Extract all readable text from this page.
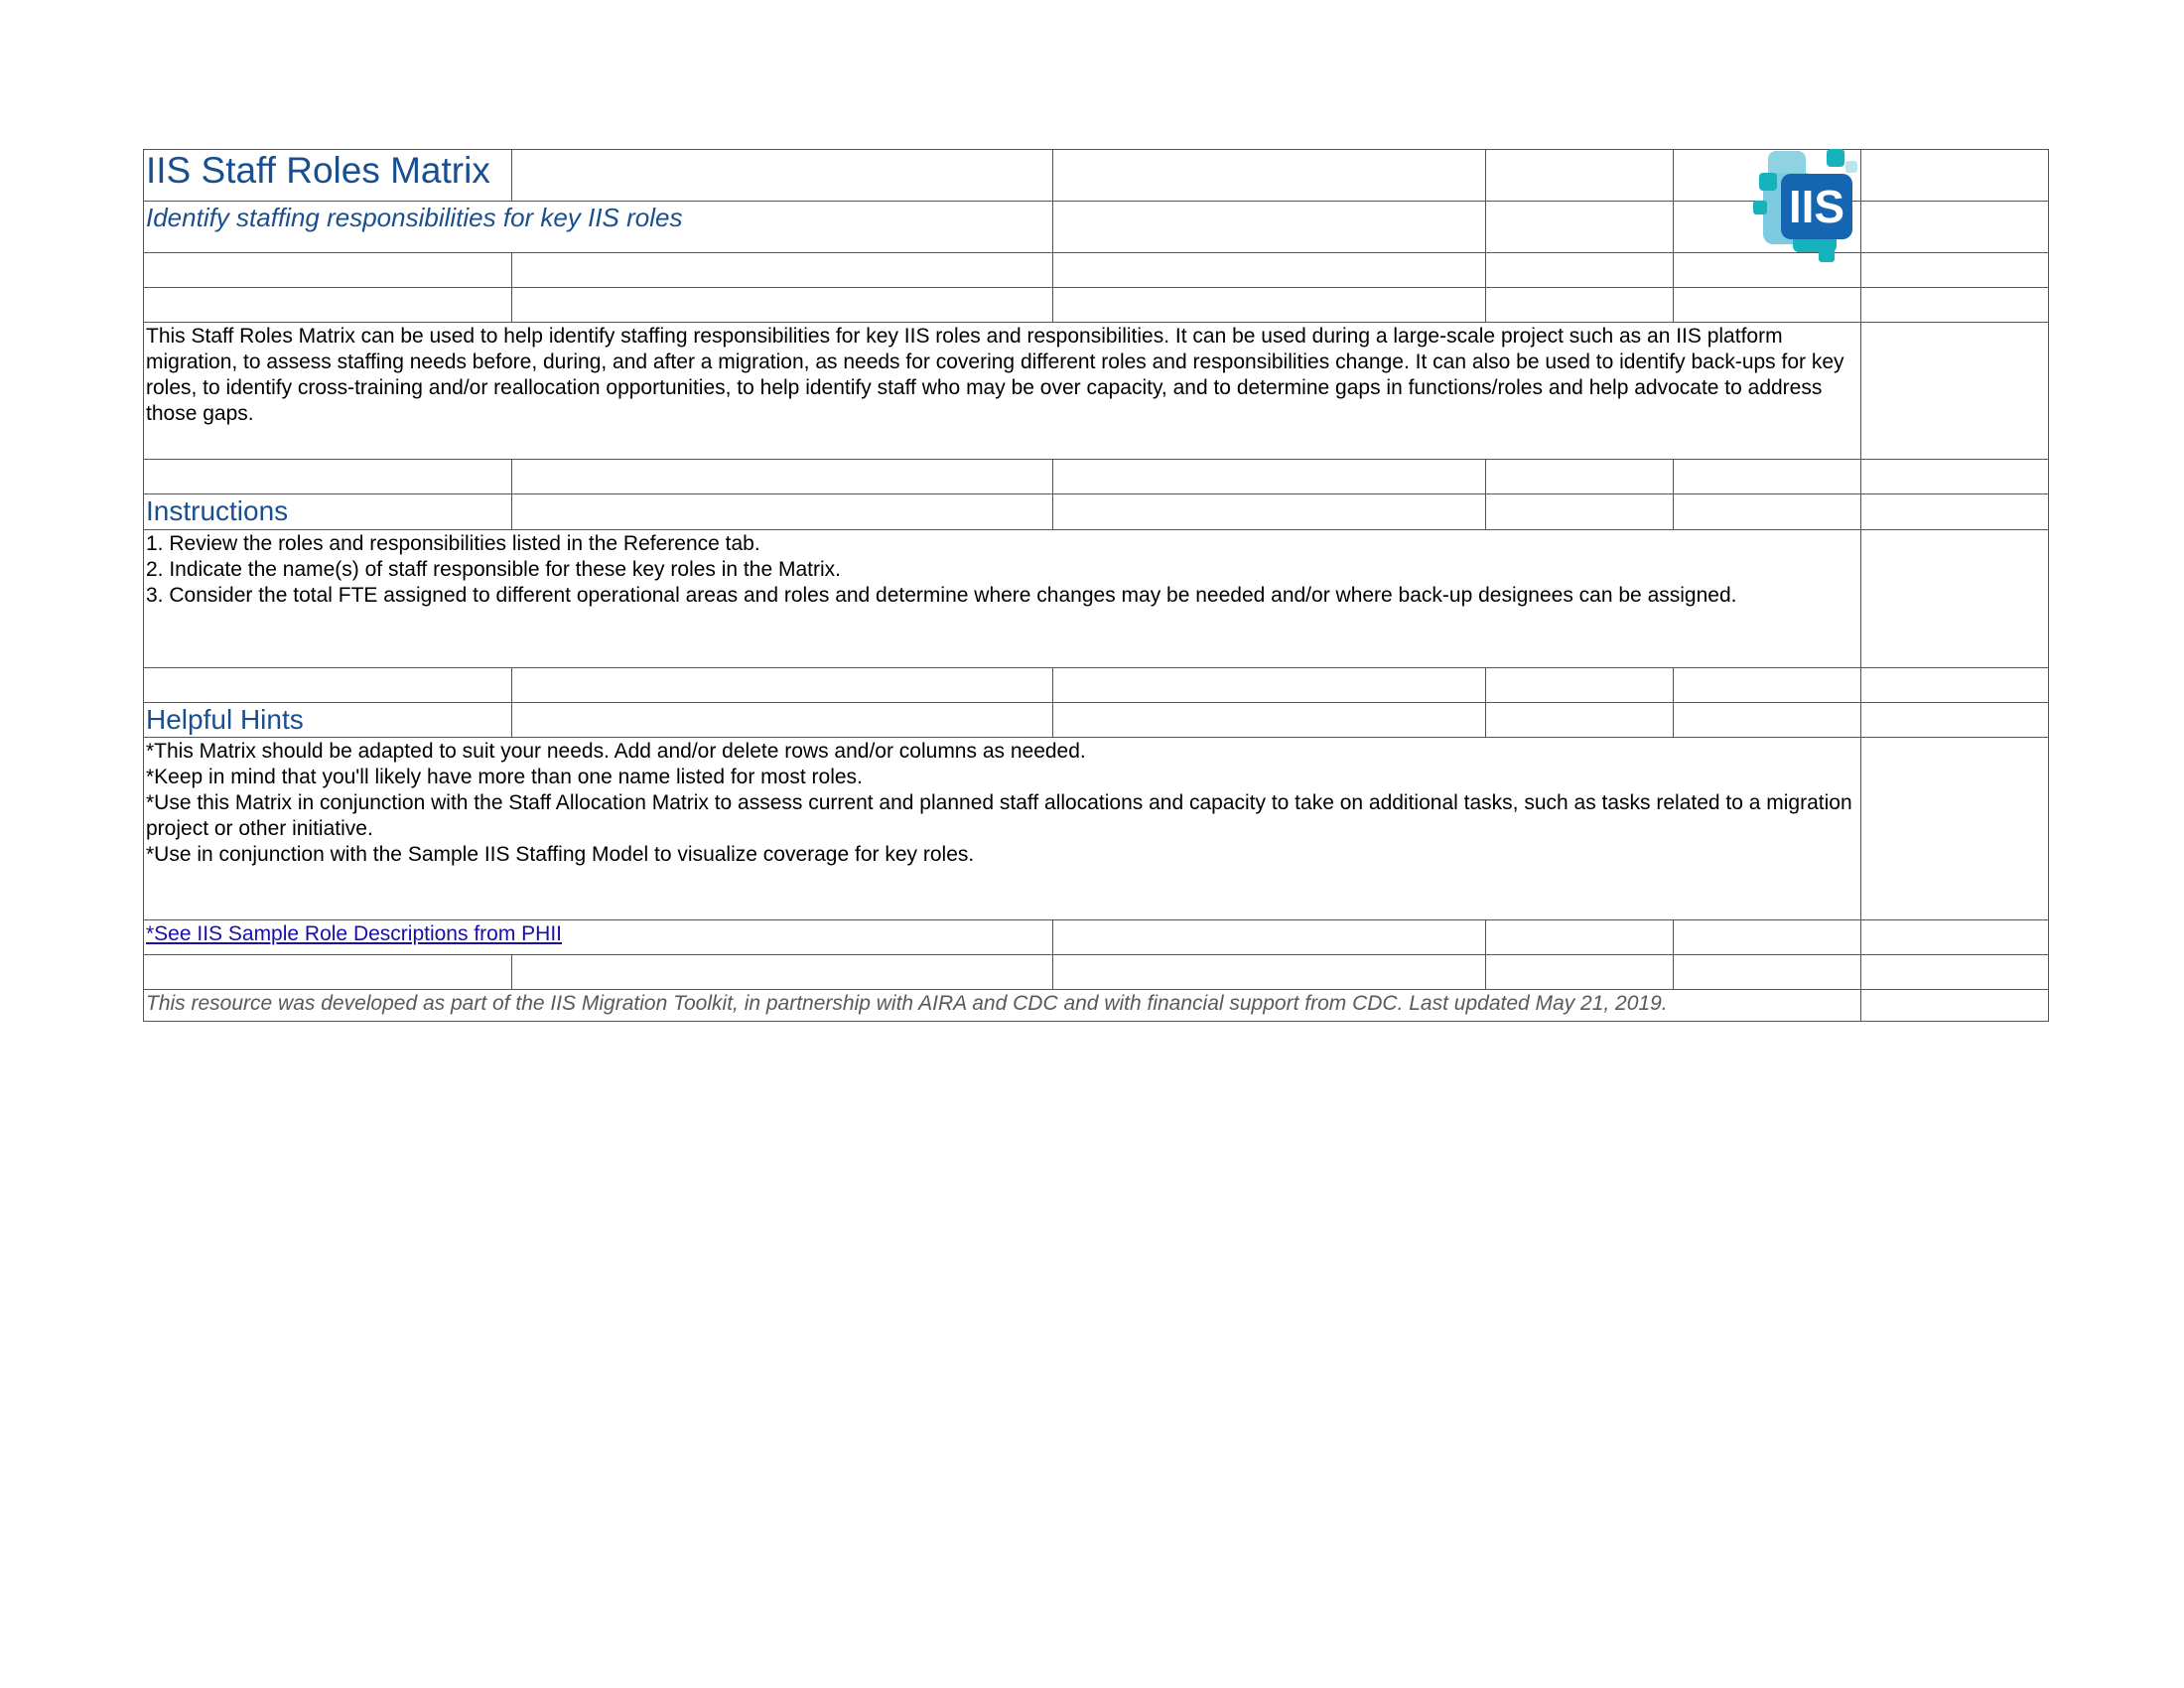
IIS Staff Roles Matrix
Identify staffing responsibilities for key IIS roles
This Staff Roles Matrix can be used to help identify staffing responsibilities for key IIS roles and responsibilities. It can be used during a large-scale project such as an IIS platform migration, to assess staffing needs before, during, and after a migration, as needs for covering different roles and responsibilities change. It can also be used to identify back-ups for key roles, to identify cross-training and/or reallocation opportunities, to help identify staff who may be over capacity, and to determine gaps in functions/roles and help advocate to address those gaps.
Instructions
1. Review the roles and responsibilities listed in the Reference tab.
2. Indicate the name(s) of staff responsible for these key roles in the Matrix.
3. Consider the total FTE assigned to different operational areas and roles and determine where changes may be needed and/or where back-up designees can be assigned.
Helpful Hints
*This Matrix should be adapted to suit your needs. Add and/or delete rows and/or columns as needed.
*Keep in mind that you'll likely have more than one name listed for most roles.
*Use this Matrix in conjunction with the Staff Allocation Matrix to assess current and planned staff allocations and capacity to take on additional tasks, such as tasks related to a migration project or other initiative.
*Use in conjunction with the Sample IIS Staffing Model to visualize coverage for key roles.
*See IIS Sample Role Descriptions from PHII
This resource was developed as part of the IIS Migration Toolkit, in partnership with AIRA and CDC and with financial support from CDC. Last updated May 21, 2019.
IIS
